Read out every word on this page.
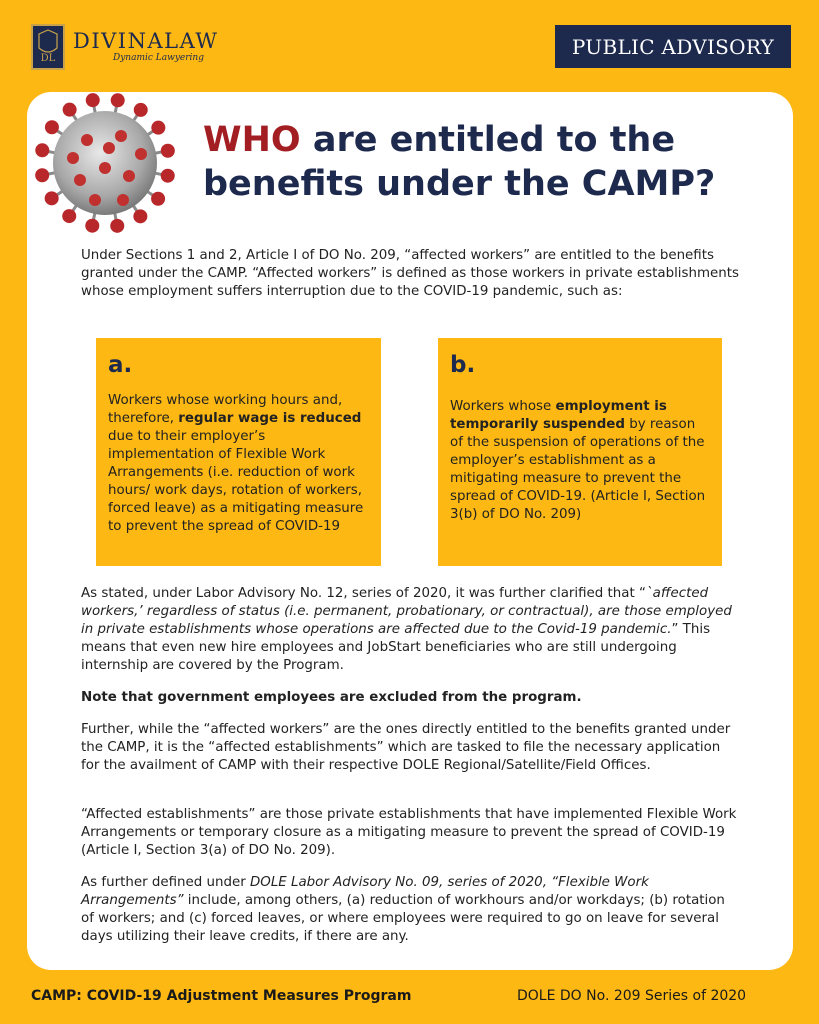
DL
DIVINALAW
Dynamic Lawyering	PUBLIC ADVISORY
WHO are entitled to the benefits under the CAMP?
Under Sections 1 and 2, Article I of DO No. 209, “affected workers” are entitled to the benefits granted under the CAMP. “Affected workers” is defined as those workers in private establishments whose employment suffers interruption due to the COVID-19 pandemic, such as:
a.
Workers whose working hours and, therefore, regular wage is reduced due to their employer’s implementation of Flexible Work Arrangements (i.e. reduction of work hours/ work days, rotation of workers, forced leave) as a mitigating measure to prevent the spread of COVID-19
b.
Workers whose employment is temporarily suspended by reason of the suspension of operations of the employer’s establishment as a mitigating measure to prevent the spread of COVID-19. (Article I, Section 3(b) of DO No. 209)
As stated, under Labor Advisory No. 12, series of 2020, it was further clarified that “`affected workers,’ regardless of status (i.e. permanent, probationary, or contractual), are those employed in private establishments whose operations are affected due to the Covid-19 pandemic.” This means that even new hire employees and JobStart beneficiaries who are still undergoing internship are covered by the Program.
Note that government employees are excluded from the program.
Further, while the “affected workers” are the ones directly entitled to the benefits granted under the CAMP, it is the “affected establishments” which are tasked to file the necessary application for the availment of CAMP with their respective DOLE Regional/Satellite/Field Offices.
“Affected establishments” are those private establishments that have implemented Flexible Work Arrangements or temporary closure as a mitigating measure to prevent the spread of COVID-19 (Article I, Section 3(a) of DO No. 209).
As further defined under DOLE Labor Advisory No. 09, series of 2020, “Flexible Work Arrangements” include, among others, (a) reduction of workhours and/or workdays; (b) rotation of workers; and (c) forced leaves, or where employees were required to go on leave for several days utilizing their leave credits, if there are any.
CAMP: COVID-19 Adjustment Measures Program	DOLE DO No. 209 Series of 2020
